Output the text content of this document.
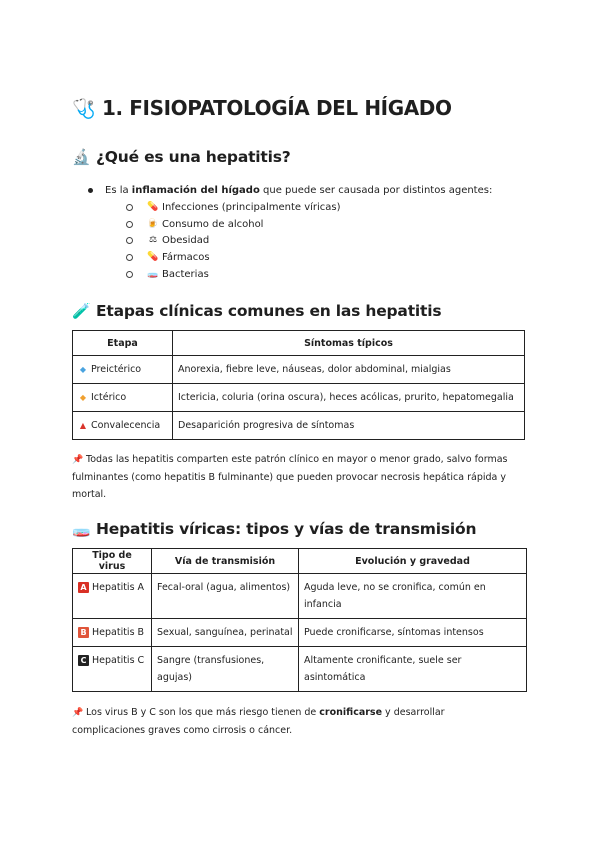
🩺 1. FISIOPATOLOGÍA DEL HÍGADO
🔬 ¿Qué es una hepatitis?
Es la inflamación del hígado que puede ser causada por distintos agentes:
💊 Infecciones (principalmente víricas)
🍺 Consumo de alcohol
⚖ Obesidad
💊 Fármacos
🧫 Bacterias
🧪 Etapas clínicas comunes en las hepatitis
Etapa	Síntomas típicos
◆ Preictérico	Anorexia, fiebre leve, náuseas, dolor abdominal, mialgias
◆ Ictérico	Ictericia, coluria (orina oscura), heces acólicas, prurito, hepatomegalia
▲ Convalecencia	Desaparición progresiva de síntomas
📌 Todas las hepatitis comparten este patrón clínico en mayor o menor grado, salvo formas fulminantes (como hepatitis B fulminante) que pueden provocar necrosis hepática rápida y mortal.
🧫 Hepatitis víricas: tipos y vías de transmisión
Tipo de virus	Vía de transmisión	Evolución y gravedad
A Hepatitis A	Fecal-oral (agua, alimentos)	Aguda leve, no se cronifica, común en infancia
B Hepatitis B	Sexual, sanguínea, perinatal	Puede cronificarse, síntomas intensos
C Hepatitis C	Sangre (transfusiones, agujas)	Altamente cronificante, suele ser asintomática
📌 Los virus B y C son los que más riesgo tienen de cronificarse y desarrollar complicaciones graves como cirrosis o cáncer.
